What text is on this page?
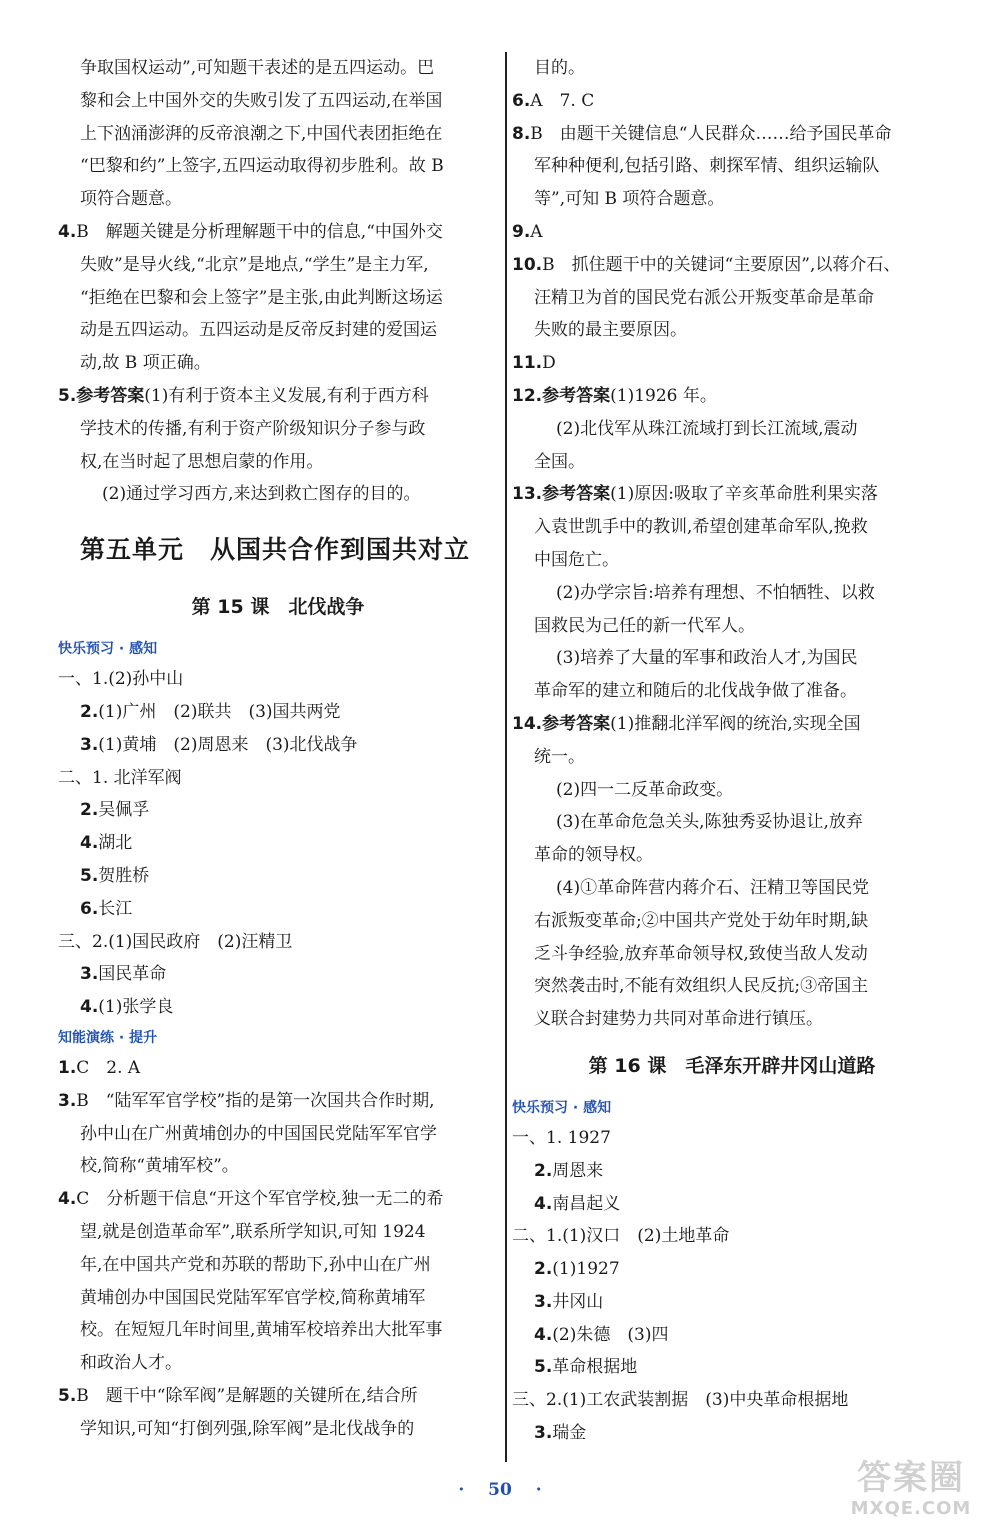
争取国权运动”,可知题干表述的是五四运动。巴
黎和会上中国外交的失败引发了五四运动,在举国
上下汹涌澎湃的反帝浪潮之下,中国代表团拒绝在
“巴黎和约”上签字,五四运动取得初步胜利。故 B
项符合题意。
4.B　解题关键是分析理解题干中的信息,“中国外交
失败”是导火线,“北京”是地点,“学生”是主力军,
“拒绝在巴黎和会上签字”是主张,由此判断这场运
动是五四运动。五四运动是反帝反封建的爱国运
动,故 B 项正确。
5.参考答案(1)有利于资本主义发展,有利于西方科
学技术的传播,有利于资产阶级知识分子参与政
权,在当时起了思想启蒙的作用。
(2)通过学习西方,来达到救亡图存的目的。
第五单元　从国共合作到国共对立
第 15 课　北伐战争
快乐预习 · 感知
一、1.(2)孙中山
2.(1)广州　(2)联共　(3)国共两党
3.(1)黄埔　(2)周恩来　(3)北伐战争
二、1. 北洋军阀
2.吴佩孚
4.湖北
5.贺胜桥
6.长江
三、2.(1)国民政府　(2)汪精卫
3.国民革命
4.(1)张学良
知能演练 · 提升
1.C　2. A
3.B　“陆军军官学校”指的是第一次国共合作时期,
孙中山在广州黄埔创办的中国国民党陆军军官学
校,简称“黄埔军校”。
4.C　分析题干信息“开这个军官学校,独一无二的希
望,就是创造革命军”,联系所学知识,可知 1924
年,在中国共产党和苏联的帮助下,孙中山在广州
黄埔创办中国国民党陆军军官学校,简称黄埔军
校。在短短几年时间里,黄埔军校培养出大批军事
和政治人才。
5.B　题干中“除军阀”是解题的关键所在,结合所
学知识,可知“打倒列强,除军阀”是北伐战争的
目的。
6.A　7. C
8.B　由题干关键信息“人民群众……给予国民革命
军种种便利,包括引路、刺探军情、组织运输队
等”,可知 B 项符合题意。
9.A
10.B　抓住题干中的关键词“主要原因”,以蒋介石、
汪精卫为首的国民党右派公开叛变革命是革命
失败的最主要原因。
11.D
12.参考答案(1)1926 年。
(2)北伐军从珠江流域打到长江流域,震动
全国。
13.参考答案(1)原因:吸取了辛亥革命胜利果实落
入袁世凯手中的教训,希望创建革命军队,挽救
中国危亡。
(2)办学宗旨:培养有理想、不怕牺牲、以救
国救民为己任的新一代军人。
(3)培养了大量的军事和政治人才,为国民
革命军的建立和随后的北伐战争做了准备。
14.参考答案(1)推翻北洋军阀的统治,实现全国
统一。
(2)四一二反革命政变。
(3)在革命危急关头,陈独秀妥协退让,放弃
革命的领导权。
(4)①革命阵营内蒋介石、汪精卫等国民党
右派叛变革命;②中国共产党处于幼年时期,缺
乏斗争经验,放弃革命领导权,致使当敌人发动
突然袭击时,不能有效组织人民反抗;③帝国主
义联合封建势力共同对革命进行镇压。
第 16 课　毛泽东开辟井冈山道路
快乐预习 · 感知
一、1. 1927
2.周恩来
4.南昌起义
二、1.(1)汉口　(2)土地革命
2.(1)1927
3.井冈山
4.(2)朱德　(3)四
5.革命根据地
三、2.(1)工农武装割据　(3)中央革命根据地
3.瑞金
· 50 ·	答案圈
MXQE.COM
